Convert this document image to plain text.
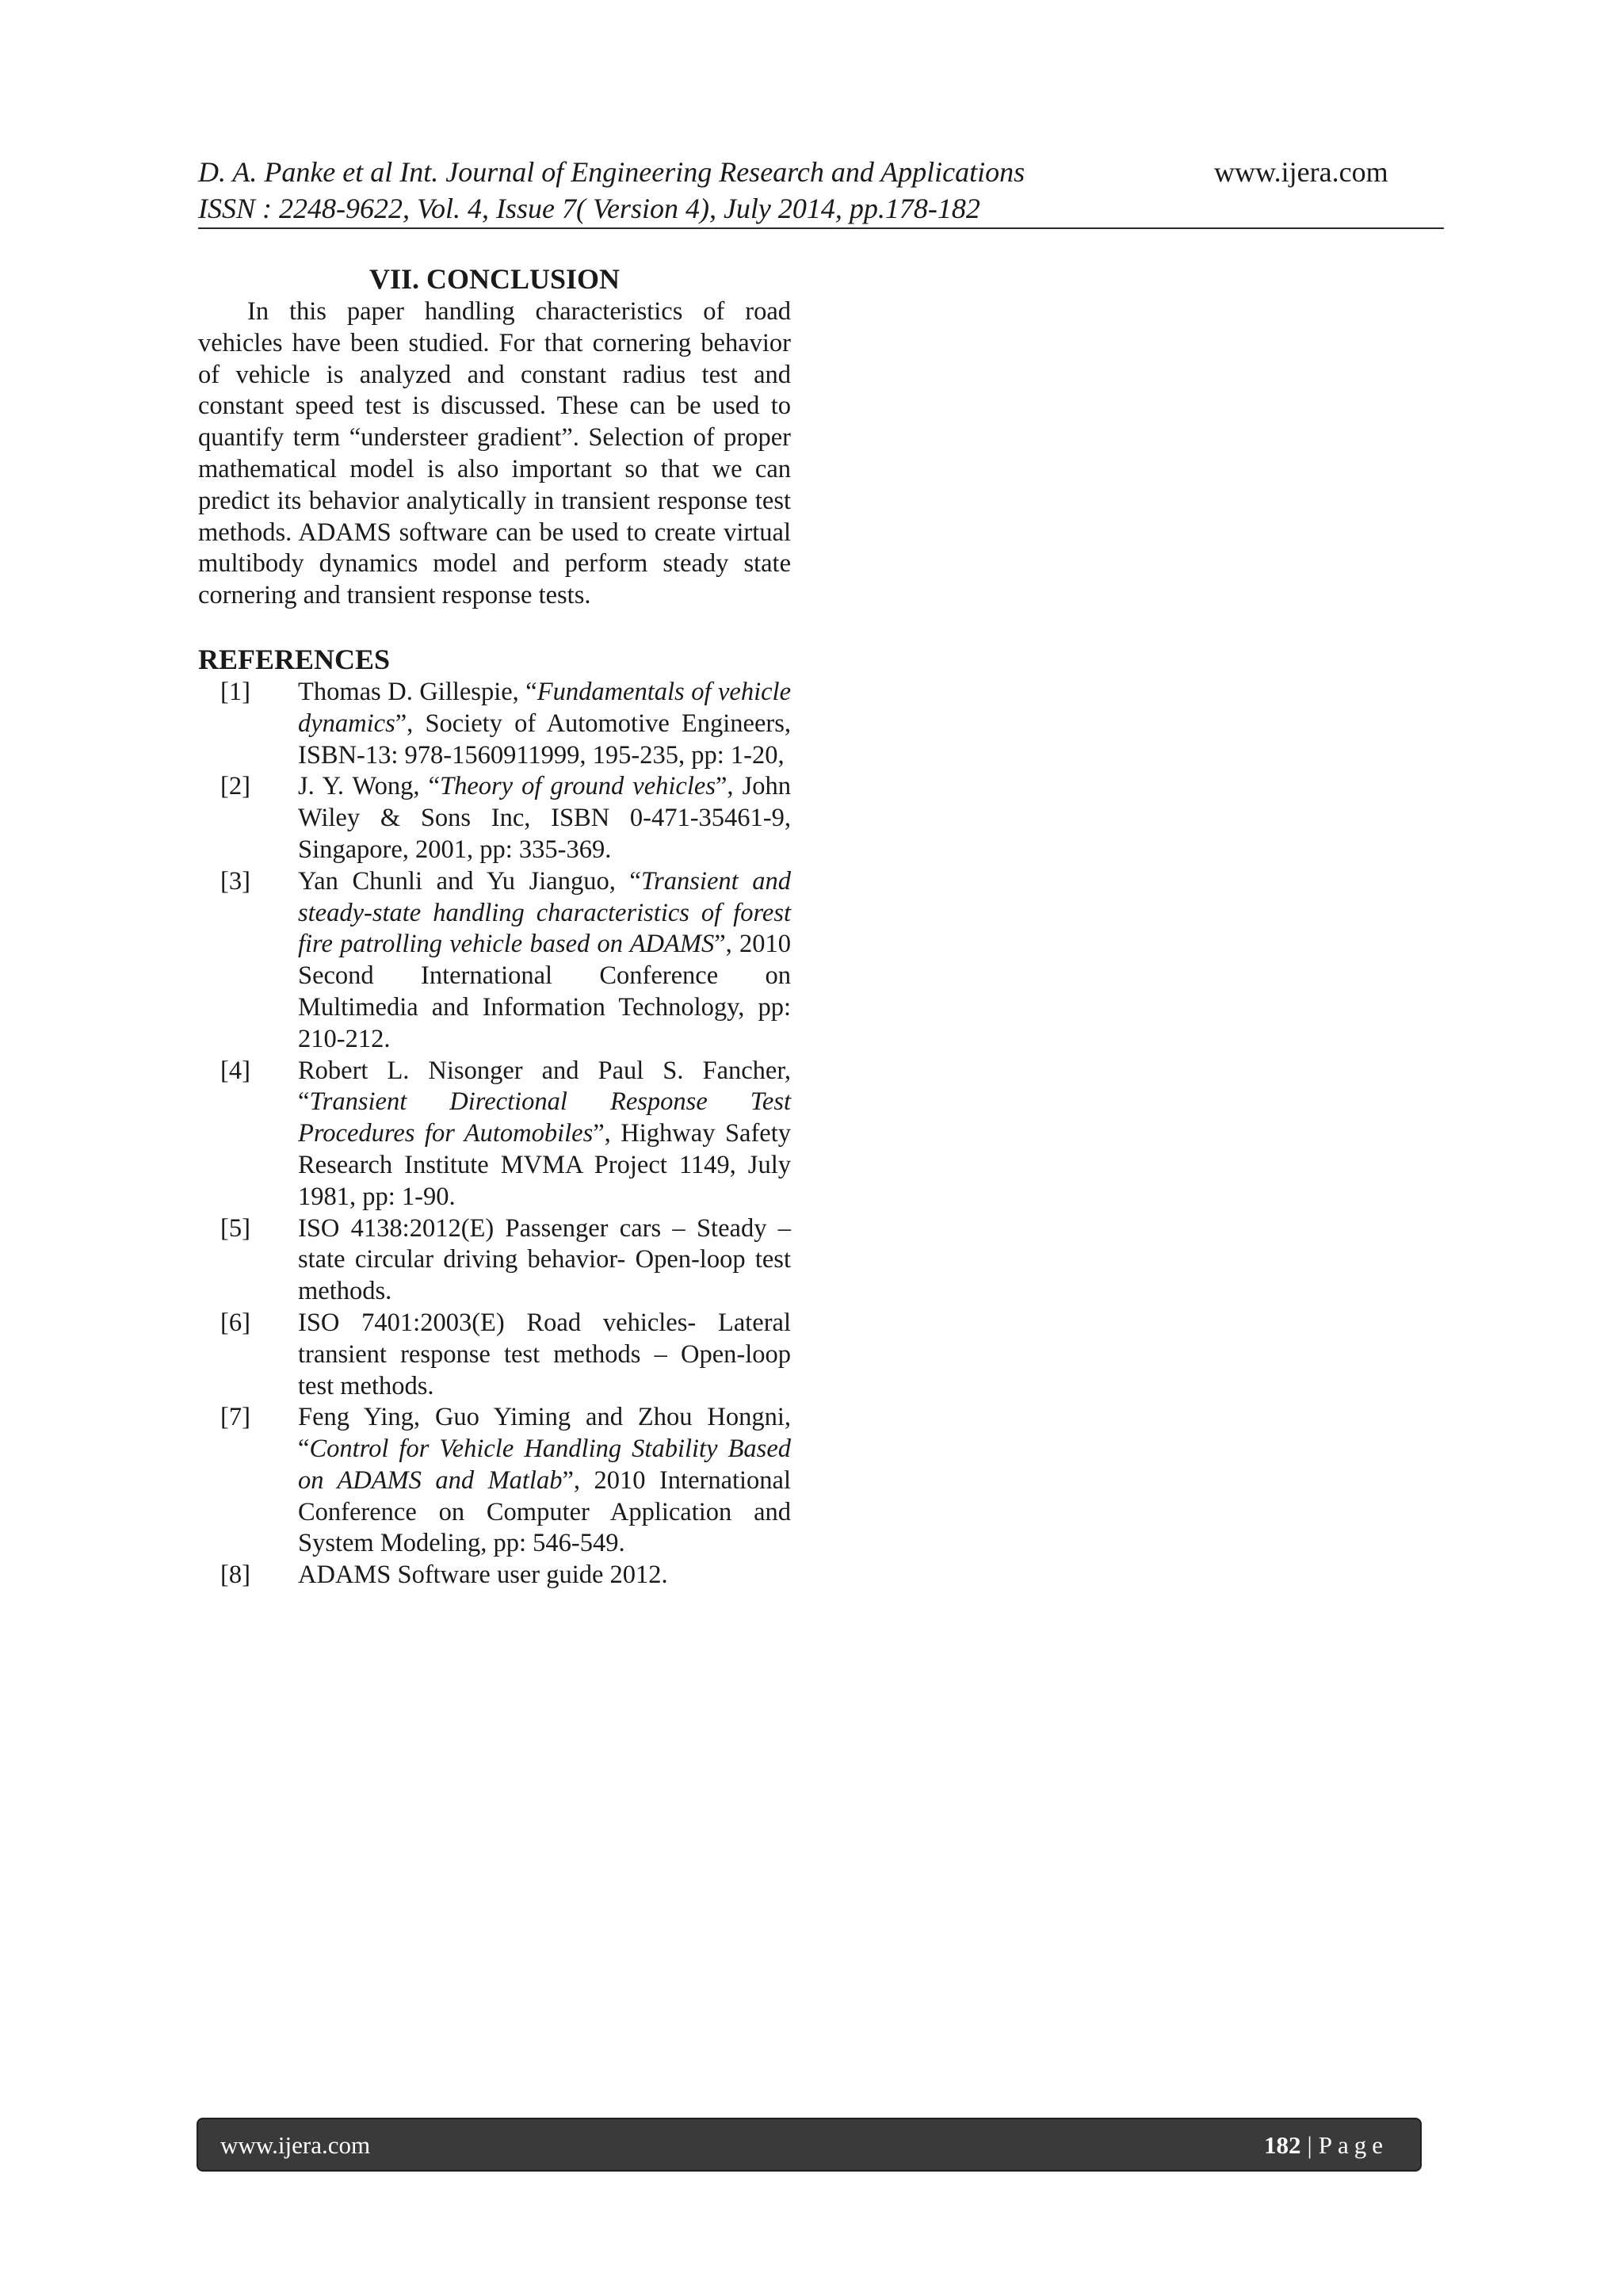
D. A. Panke et al Int. Journal of Engineering Research and Applications	www.ijera.com
ISSN : 2248-9622, Vol. 4, Issue 7( Version 4), July 2014, pp.178-182
VII. CONCLUSION

In this paper handling characteristics of road vehicles have been studied. For that cornering behavior of vehicle is analyzed and constant radius test and constant speed test is discussed. These can be used to quantify term “understeer gradient”. Selection of proper mathematical model is also important so that we can predict its behavior analytically in transient response test methods. ADAMS software can be used to create virtual multibody dynamics model and perform steady state cornering and transient response tests.

REFERENCES
[1] Thomas D. Gillespie, “Fundamentals of vehicle dynamics”, Society of Automotive Engineers, ISBN-13: 978-1560911999, 195-235, pp: 1-20,
[2] J. Y. Wong, “Theory of ground vehicles”, John Wiley & Sons Inc, ISBN 0-471-35461-9, Singapore, 2001, pp: 335-369.
[3] Yan Chunli and Yu Jianguo, “Transient and steady-state handling characteristics of forest fire patrolling vehicle based on ADAMS”, 2010 Second International Conference on Multimedia and Information Technology, pp: 210-212.
[4] Robert L. Nisonger and Paul S. Fancher, “Transient Directional Response Test Procedures for Automobiles”, Highway Safety Research Institute MVMA Project 1149, July 1981, pp: 1-90.
[5] ISO 4138:2012(E) Passenger cars – Steady – state circular driving behavior- Open-loop test methods.
[6] ISO 7401:2003(E) Road vehicles- Lateral transient response test methods – Open-loop test methods.
[7] Feng Ying, Guo Yiming and Zhou Hongni, “Control for Vehicle Handling Stability Based on ADAMS and Matlab”, 2010 International Conference on Computer Application and System Modeling, pp: 546-549.
[8] ADAMS Software user guide 2012.
www.ijera.com	182 | Page
